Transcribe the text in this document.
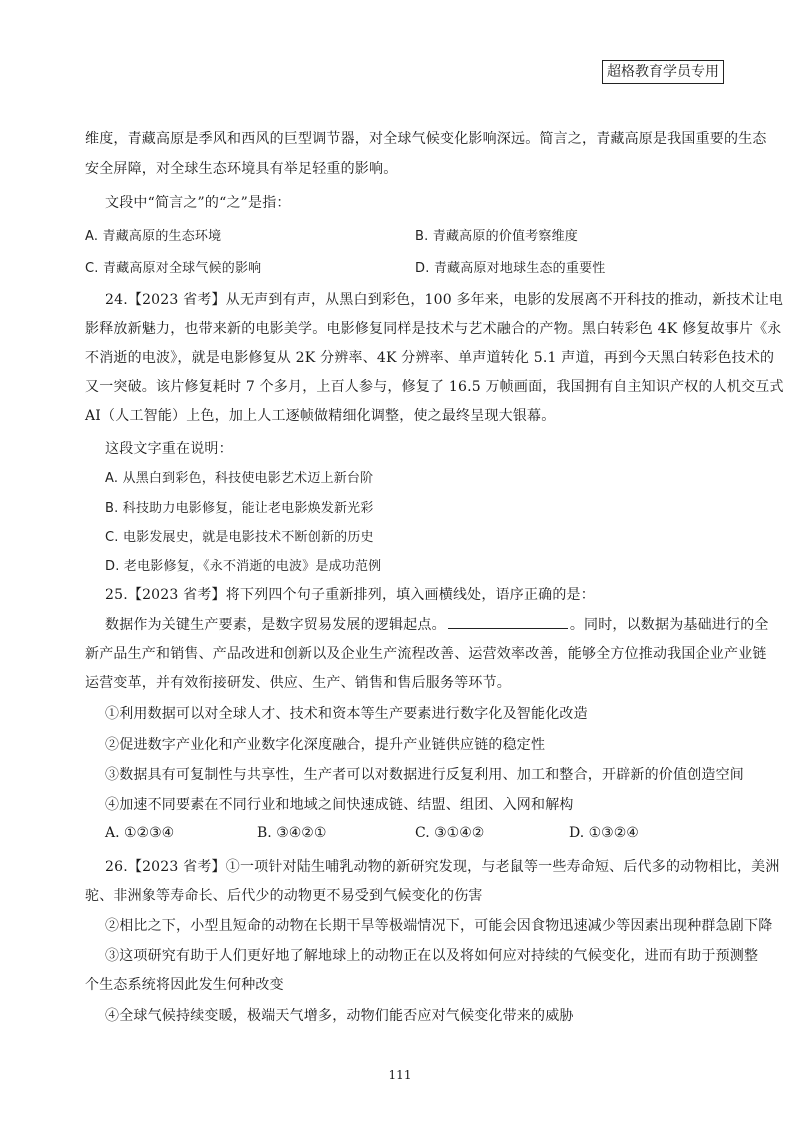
超格教育学员专用
维度，青藏高原是季风和西风的巨型调节器，对全球气候变化影响深远。简言之，青藏高原是我国重要的生态
安全屏障，对全球生态环境具有举足轻重的影响。
文段中“简言之”的“之”是指：
A. 青藏高原的生态环境	B. 青藏高原的价值考察维度
C. 青藏高原对全球气候的影响	D. 青藏高原对地球生态的重要性
24.【2023 省考】从无声到有声，从黑白到彩色，100 多年来，电影的发展离不开科技的推动，新技术让电
影释放新魅力，也带来新的电影美学。电影修复同样是技术与艺术融合的产物。黑白转彩色 4K 修复故事片《永
不消逝的电波》，就是电影修复从 2K 分辨率、4K 分辨率、单声道转化 5.1 声道，再到今天黑白转彩色技术的
又一突破。该片修复耗时 7 个多月，上百人参与，修复了 16.5 万帧画面，我国拥有自主知识产权的人机交互式
AI（人工智能）上色，加上人工逐帧做精细化调整，使之最终呈现大银幕。
这段文字重在说明：
A. 从黑白到彩色，科技使电影艺术迈上新台阶
B. 科技助力电影修复，能让老电影焕发新光彩
C. 电影发展史，就是电影技术不断创新的历史
D. 老电影修复，《永不消逝的电波》是成功范例
25.【2023 省考】将下列四个句子重新排列，填入画横线处，语序正确的是：
数据作为关键生产要素，是数字贸易发展的逻辑起点。	。同时，以数据为基础进行的全
新产品生产和销售、产品改进和创新以及企业生产流程改善、运营效率改善，能够全方位推动我国企业产业链
运营变革，并有效衔接研发、供应、生产、销售和售后服务等环节。
①利用数据可以对全球人才、技术和资本等生产要素进行数字化及智能化改造
②促进数字产业化和产业数字化深度融合，提升产业链供应链的稳定性
③数据具有可复制性与共享性，生产者可以对数据进行反复利用、加工和整合，开辟新的价值创造空间
④加速不同要素在不同行业和地域之间快速成链、结盟、组团、入网和解构
A. ①②③④	B. ③④②①	C. ③①④②	D. ①③②④
26.【2023 省考】①一项针对陆生哺乳动物的新研究发现，与老鼠等一些寿命短、后代多的动物相比，美洲
驼、非洲象等寿命长、后代少的动物更不易受到气候变化的伤害
②相比之下，小型且短命的动物在长期干旱等极端情况下，可能会因食物迅速减少等因素出现种群急剧下降
③这项研究有助于人们更好地了解地球上的动物正在以及将如何应对持续的气候变化，进而有助于预测整
个生态系统将因此发生何种改变
④全球气候持续变暖，极端天气增多，动物们能否应对气候变化带来的威胁
111
